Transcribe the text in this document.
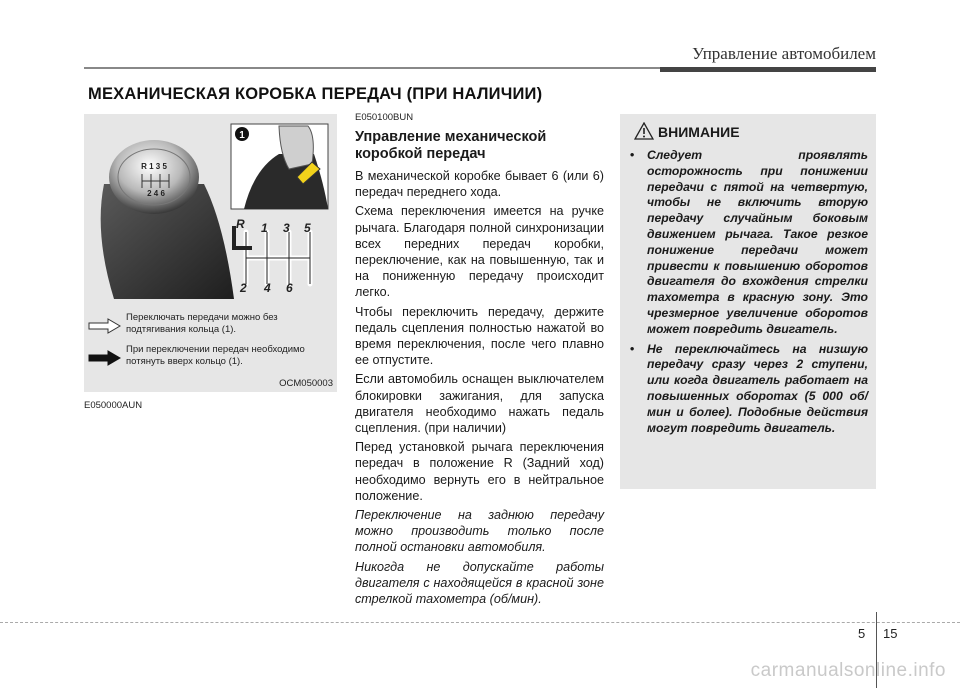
Управление автомобилем
МЕХАНИЧЕСКАЯ КОРОБКА ПЕРЕДАЧ (ПРИ НАЛИЧИИ)
R 1 3 5
2 4 6
1
R 1 3 5
2 4 6
Переключать передачи можно без подтягивания кольца (1).
При переключении передач необходимо потянуть вверх кольцо (1).
OCM050003
E050000AUN
E050100BUN
Управление механической коробкой передач

В механической коробке бывает 6 (или 6) передач переднего хода.

Схема переключения имеется на ручке рычага. Благодаря полной синхронизации всех передних передач коробки, переключение, как на повышенную, так и на пониженную передачу происходит легко.

Чтобы переключить передачу, держите педаль сцепления полностью нажатой во время переключения, после чего плавно ее отпустите.

Если автомобиль оснащен выключателем блокировки зажигания, для запуска двигателя необходимо нажать педаль сцепления. (при наличии)

Перед установкой рычага переключения передач в положение R (Задний ход) необходимо вернуть его в нейтральное положение.

Переключение на заднюю передачу можно производить только после полной остановки автомобиля.

Никогда не допускайте работы двигателя с находящейся в красной зоне стрелкой тахометра (об/мин).

ВНИМАНИЕ
• Следует проявлять осторожность при понижении передачи с пятой на четвертую, чтобы не включить вторую передачу случайным боковым движением рычага. Такое резкое понижение передачи может привести к повышению оборотов двигателя до вхождения стрелки тахометра в красную зону. Это чрезмерное увеличение оборотов может повредить двигатель.
• Не переключайтесь на низшую передачу сразу через 2 ступени, или когда двигатель работает на повышенных оборотах (5 000 об/мин и более). Подобные действия могут повредить двигатель.
5 15
carmanualsonline.info
